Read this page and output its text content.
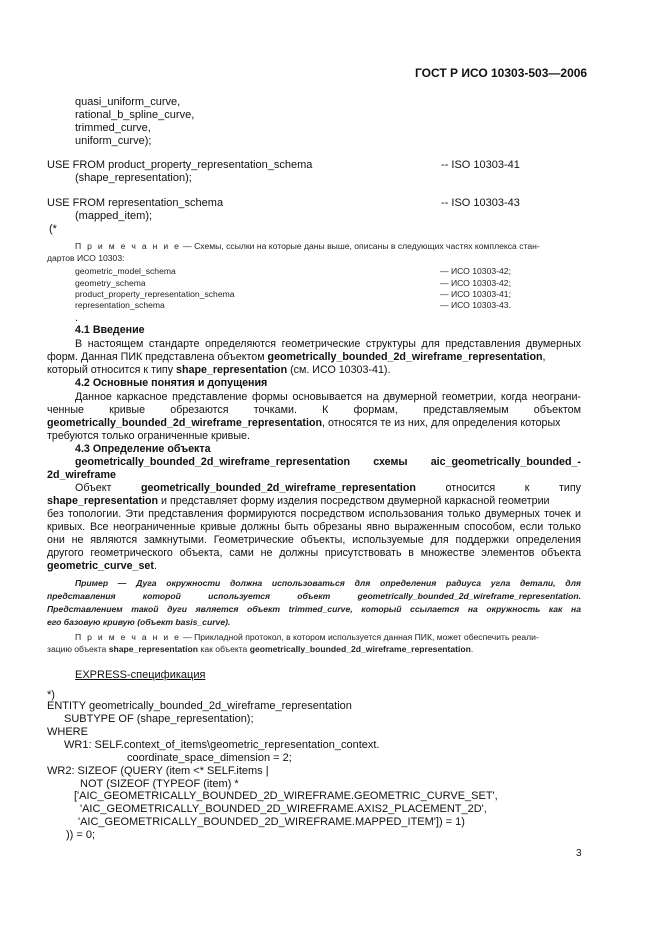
ГОСТ Р ИСО 10303-503—2006
quasi_uniform_curve,
rational_b_spline_curve,
trimmed_curve,
uniform_curve);
USE FROM product_property_representation_schema	-- ISO 10303-41
(shape_representation);
USE FROM representation_schema	-- ISO 10303-43
(mapped_item);
(*
П р и м е ч а н и е — Схемы, ссылки на которые даны выше, описаны в следующих частях комплекса стан-
дартов ИСО 10303:
geometric_model_schema	— ИСО 10303-42;
geometry_schema	— ИСО 10303-42;
product_property_representation_schema	— ИСО 10303-41;
representation_schema	— ИСО 10303-43.
.
4.1 Введение
В настоящем стандарте определяются геометрические структуры для представления двумерных
форм. Данная ПИК представлена объектом geometrically_bounded_2d_wireframe_representation,
который относится к типу shape_representation (см. ИСО 10303-41).
4.2 Основные понятия и допущения
Данное каркасное представление формы основывается на двумерной геометрии, когда неограни-
ченные кривые обрезаются точками. К формам, представляемым объектом
geometrically_bounded_2d_wireframe_representation, относятся те из них, для определения которых
требуются только ограниченные кривые.
4.3 Определение объекта
geometrically_bounded_2d_wireframe_representation схемы aic_geometrically_bounded_-
2d_wireframe
Объект	geometrically_bounded_2d_wireframe_representation	относится	к	типу
shape_representation и представляет форму изделия посредством двумерной каркасной геометрии
без топологии. Эти представления формируются посредством использования только двумерных точек и
кривых. Все неограниченные кривые должны быть обрезаны явно выраженным способом, если только
они не являются замкнутыми. Геометрические объекты, используемые для поддержки определения
другого геометрического объекта, сами не должны присутствовать в множестве элементов объекта
geometric_curve_set.
Пример — Дуга окружности должна использоваться для определения радиуса угла детали, для
представления	которой	используется	объект	geometrically_bounded_2d_wireframe_representation.
Представлением такой дуги является объект trimmed_curve, который ссылается на окружность как на
его базовую кривую (объект basis_curve).
П р и м е ч а н и е — Прикладной протокол, в котором используется данная ПИК, может обеспечить реали-
зацию объекта shape_representation как объекта geometrically_bounded_2d_wireframe_representation.
EXPRESS-спецификация
*)
ENTITY geometrically_bounded_2d_wireframe_representation
SUBTYPE OF (shape_representation);
WHERE
WR1: SELF.context_of_items\geometric_representation_context.
coordinate_space_dimension = 2;
WR2: SIZEOF (QUERY (item <* SELF.items |
NOT (SIZEOF (TYPEOF (item) *
['AIC_GEOMETRICALLY_BOUNDED_2D_WIREFRAME.GEOMETRIC_CURVE_SET',
'AIC_GEOMETRICALLY_BOUNDED_2D_WIREFRAME.AXIS2_PLACEMENT_2D',
'AIC_GEOMETRICALLY_BOUNDED_2D_WIREFRAME.MAPPED_ITEM']) = 1)
)) = 0;
3
